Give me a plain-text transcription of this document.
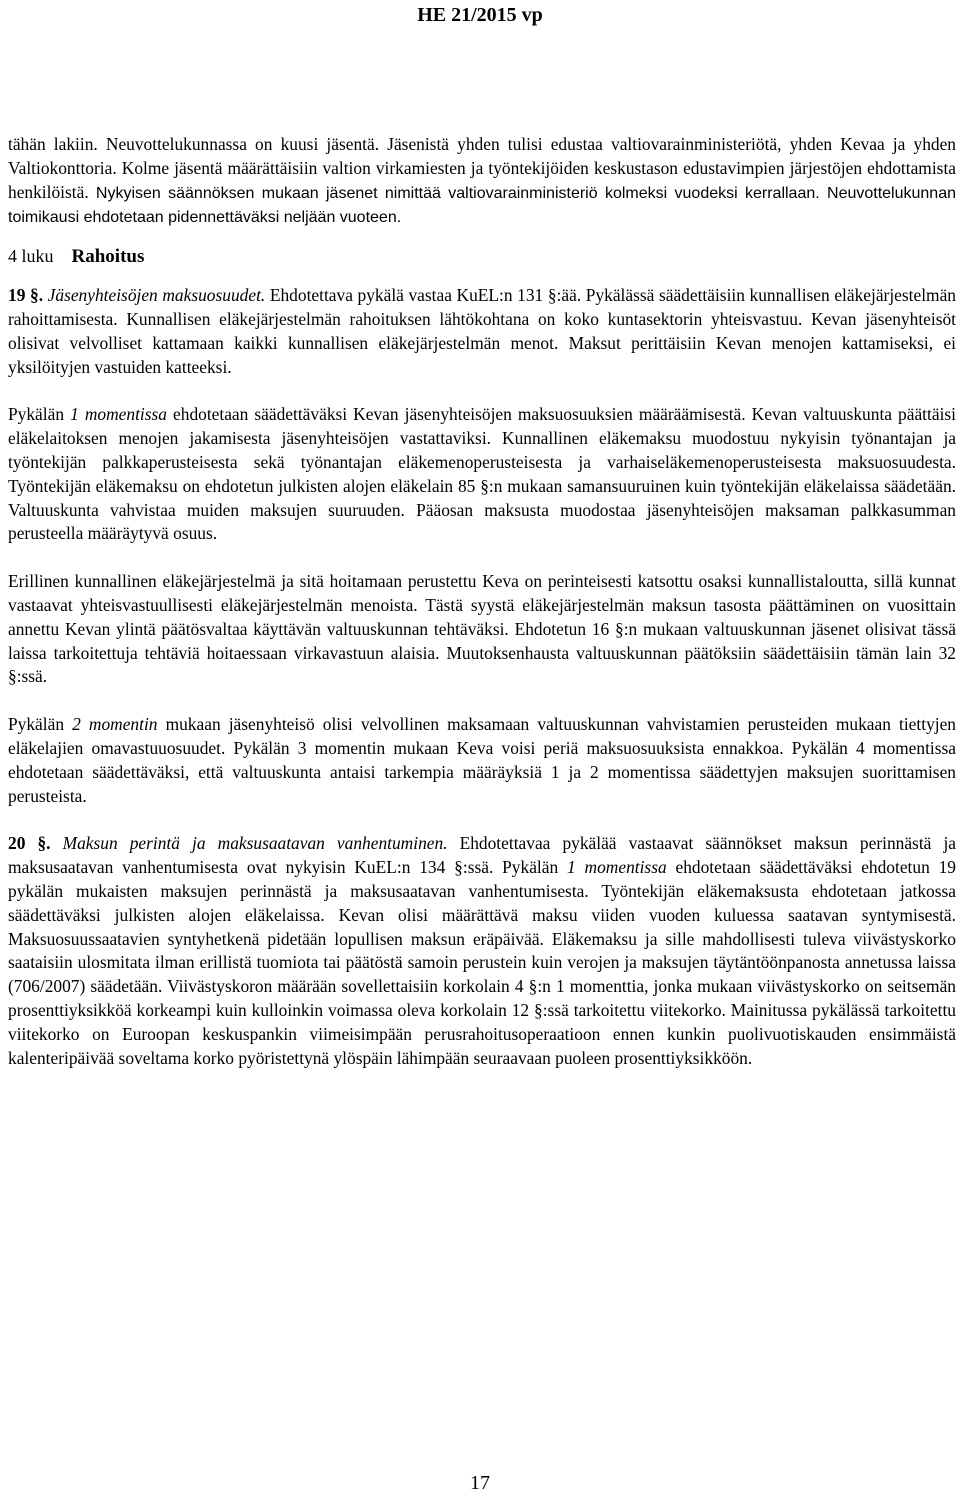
HE 21/2015 vp

tähän lakiin. Neuvottelukunnassa on kuusi jäsentä. Jäsenistä yhden tulisi edustaa valtiovarainministeriötä, yhden Kevaa ja yhden Valtiokonttoria. Kolme jäsentä määrättäisiin valtion virkamiesten ja työntekijöiden keskustason edustavimpien järjestöjen ehdottamista henkilöistä. Nykyisen säännöksen mukaan jäsenet nimittää valtiovarainministeriö kolmeksi vuodeksi kerrallaan. Neuvottelukunnan toimikausi ehdotetaan pidennettäväksi neljään vuoteen.

4 luku Rahoitus

19 §. Jäsenyhteisöjen maksuosuudet. Ehdotettava pykälä vastaa KuEL:n 131 §:ää. Pykälässä säädettäisiin kunnallisen eläkejärjestelmän rahoittamisesta. Kunnallisen eläkejärjestelmän rahoituksen lähtökohtana on koko kuntasektorin yhteisvastuu. Kevan jäsenyhteisöt olisivat velvolliset kattamaan kaikki kunnallisen eläkejärjestelmän menot. Maksut perittäisiin Kevan menojen kattamiseksi, ei yksilöityjen vastuiden katteeksi.

Pykälän 1 momentissa ehdotetaan säädettäväksi Kevan jäsenyhteisöjen maksuosuuksien määräämisestä. Kevan valtuuskunta päättäisi eläkelaitoksen menojen jakamisesta jäsenyhteisöjen vastattaviksi. Kunnallinen eläkemaksu muodostuu nykyisin työnantajan ja työntekijän palkkaperusteisesta sekä työnantajan eläkemenoperusteisesta ja varhaiseläkemenoperusteisesta maksuosuudesta. Työntekijän eläkemaksu on ehdotetun julkisten alojen eläkelain 85 §:n mukaan samansuuruinen kuin työntekijän eläkelaissa säädetään. Valtuuskunta vahvistaa muiden maksujen suuruuden. Pääosan maksusta muodostaa jäsenyhteisöjen maksaman palkkasumman perusteella määräytyvä osuus.

Erillinen kunnallinen eläkejärjestelmä ja sitä hoitamaan perustettu Keva on perinteisesti katsottu osaksi kunnallistaloutta, sillä kunnat vastaavat yhteisvastuullisesti eläkejärjestelmän menoista. Tästä syystä eläkejärjestelmän maksun tasosta päättäminen on vuosittain annettu Kevan ylintä päätösvaltaa käyttävän valtuuskunnan tehtäväksi. Ehdotetun 16 §:n mukaan valtuuskunnan jäsenet olisivat tässä laissa tarkoitettuja tehtäviä hoitaessaan virkavastuun alaisia. Muutoksenhausta valtuuskunnan päätöksiin säädettäisiin tämän lain 32 §:ssä.

Pykälän 2 momentin mukaan jäsenyhteisö olisi velvollinen maksamaan valtuuskunnan vahvistamien perusteiden mukaan tiettyjen eläkelajien omavastuuosuudet. Pykälän 3 momentin mukaan Keva voisi periä maksuosuuksista ennakkoa. Pykälän 4 momentissa ehdotetaan säädettäväksi, että valtuuskunta antaisi tarkempia määräyksiä 1 ja 2 momentissa säädettyjen maksujen suorittamisen perusteista.

20 §. Maksun perintä ja maksusaatavan vanhentuminen. Ehdotettavaa pykälää vastaavat säännökset maksun perinnästä ja maksusaatavan vanhentumisesta ovat nykyisin KuEL:n 134 §:ssä. Pykälän 1 momentissa ehdotetaan säädettäväksi ehdotetun 19 pykälän mukaisten maksujen perinnästä ja maksusaatavan vanhentumisesta. Työntekijän eläkemaksusta ehdotetaan jatkossa säädettäväksi julkisten alojen eläkelaissa. Kevan olisi määrättävä maksu viiden vuoden kuluessa saatavan syntymisestä. Maksuosuussaatavien syntyhetkenä pidetään lopullisen maksun eräpäivää. Eläkemaksu ja sille mahdollisesti tuleva viivästyskorko saataisiin ulosmitata ilman erillistä tuomiota tai päätöstä samoin perustein kuin verojen ja maksujen täytäntöönpanosta annetussa laissa (706/2007) säädetään. Viivästyskoron määrään sovellettaisiin korkolain 4 §:n 1 momenttia, jonka mukaan viivästyskorko on seitsemän prosenttiyksikköä korkeampi kuin kulloinkin voimassa oleva korkolain 12 §:ssä tarkoitettu viitekorko. Mainitussa pykälässä tarkoitettu viitekorko on Euroopan keskuspankin viimeisimpään perusrahoitusoperaatioon ennen kunkin puolivuotiskauden ensimmäistä kalenteripäivää soveltama korko pyöristettynä ylöspäin lähimpään seuraavaan puoleen prosenttiyksikköön.

17
